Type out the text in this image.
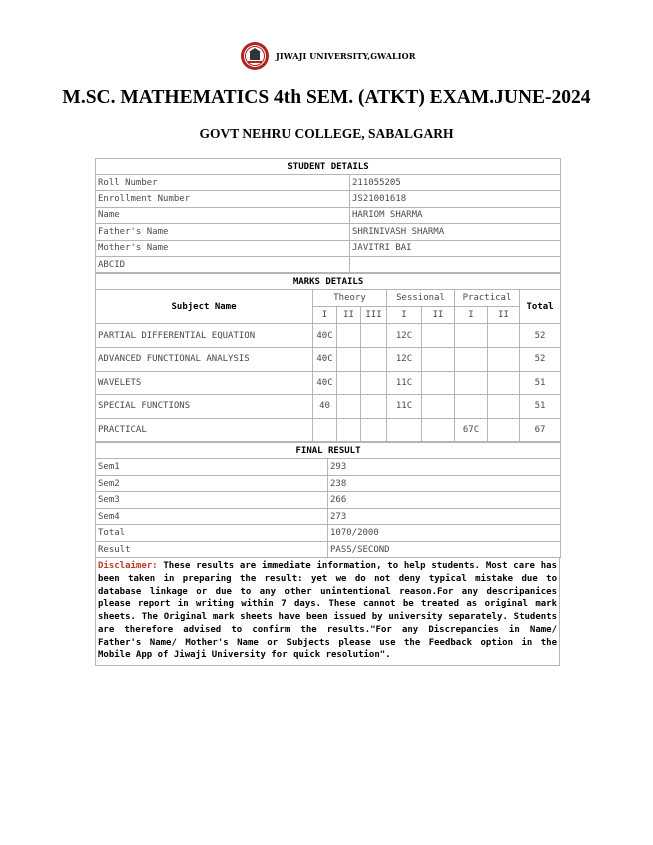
JIWAJI UNIVERSITY,GWALIOR
M.SC. MATHEMATICS 4th SEM. (ATKT) EXAM.JUNE-2024
GOVT NEHRU COLLEGE, SABALGARH
STUDENT DETAILS	
Roll Number	211055205
Enrollment Number	JS21001618
Name	HARIOM SHARMA
Father's Name	SHRINIVASH SHARMA
Mother's Name	JAVITRI BAI
ABCID	
MARKS DETAILS								
Subject Name	Theory			Sessional		Practical		Total
	I	II	III	I	II	I	II	
PARTIAL DIFFERENTIAL EQUATION	40C			12C				52
ADVANCED FUNCTIONAL ANALYSIS	40C			12C				52
WAVELETS	40C			11C				51
SPECIAL FUNCTIONS	40			11C				51
PRACTICAL						67C		67
FINAL RESULT	
Sem1	293
Sem2	238
Sem3	266
Sem4	273
Total	1070/2000
Result	PASS/SECOND
Disclaimer: These results are immediate information, to help students. Most care has been taken in preparing the result: yet we do not deny typical mistake due to database linkage or due to any other unintentional reason.For any descripanices please report in writing within 7 days. These cannot be treated as original mark sheets. The Original mark sheets have been issued by university separately. Students are therefore advised to confirm the results."For any Discrepancies in Name/ Father's Name/ Mother's Name or Subjects please use the Feedback option in the Mobile App of Jiwaji University for quick resolution".
